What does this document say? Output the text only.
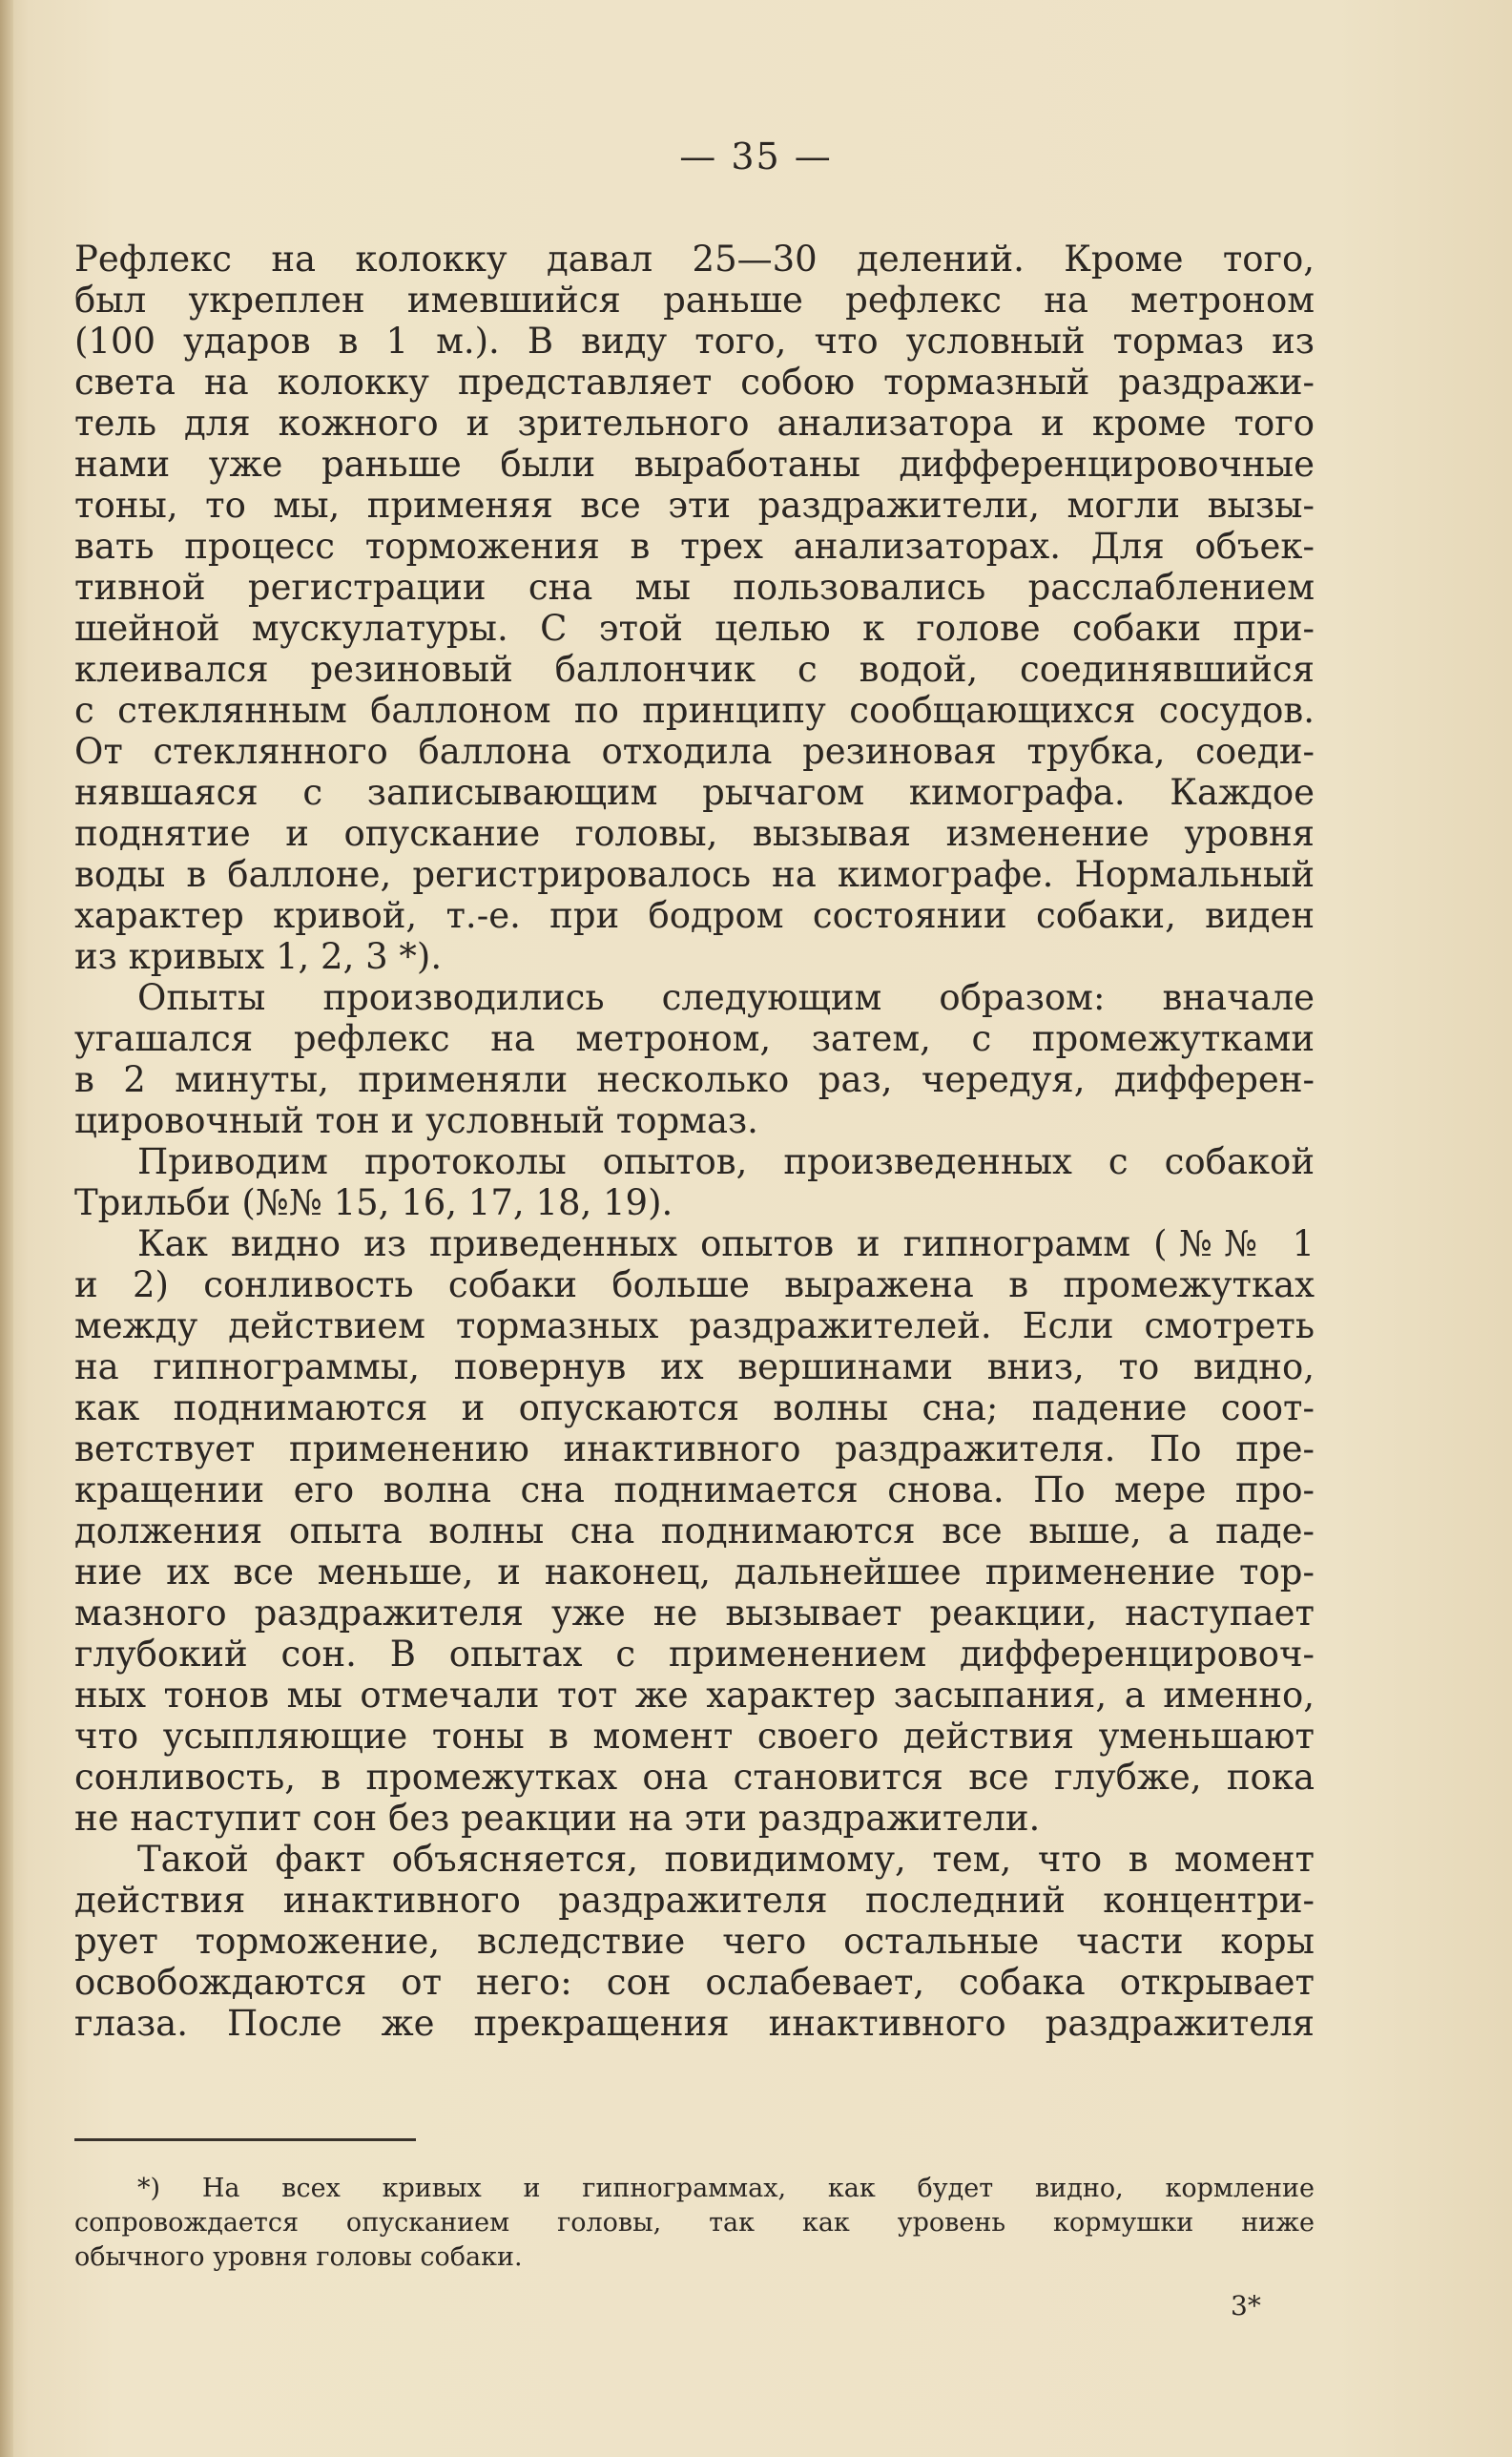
— 35 —
Рефлекс на колокку давал 25—30 делений. Кроме того,
был укреплен имевшийся раньше рефлекс на метроном
(100 ударов в 1 м.). В виду того, что условный тормаз из
света на колокку представляет собою тормазный раздражи-
тель для кожного и зрительного анализатора и кроме того
нами уже раньше были выработаны дифференцировочные
тоны, то мы, применяя все эти раздражители, могли вызы-
вать процесс торможения в трех анализаторах. Для объек-
тивной регистрации сна мы пользовались расслаблением
шейной мускулатуры. С этой целью к голове собаки при-
клеивался резиновый баллончик с водой, соединявшийся
с стеклянным баллоном по принципу сообщающихся сосудов.
От стеклянного баллона отходила резиновая трубка, соеди-
нявшаяся с записывающим рычагом кимографа. Каждое
поднятие и опускание головы, вызывая изменение уровня
воды в баллоне, регистрировалось на кимографе. Нормальный
характер кривой, т.-е. при бодром состоянии собаки, виден
из кривых 1, 2, 3 *).
Опыты производились следующим образом: вначале
угашался рефлекс на метроном, затем, с промежутками
в 2 минуты, применяли несколько раз, чередуя, дифферен-
цировочный тон и условный тормаз.
Приводим протоколы опытов, произведенных с собакой
Трильби (№№ 15, 16, 17, 18, 19).
Как видно из приведенных опытов и гипнограмм (№№ 1
и 2) сонливость собаки больше выражена в промежутках
между действием тормазных раздражителей. Если смотреть
на гипнограммы, повернув их вершинами вниз, то видно,
как поднимаются и опускаются волны сна; падение соот-
ветствует применению инактивного раздражителя. По пре-
кращении его волна сна поднимается снова. По мере про-
должения опыта волны сна поднимаются все выше, а паде-
ние их все меньше, и наконец, дальнейшее применение тор-
мазного раздражителя уже не вызывает реакции, наступает
глубокий сон. В опытах с применением дифференцировоч-
ных тонов мы отмечали тот же характер засыпания, а именно,
что усыпляющие тоны в момент своего действия уменьшают
сонливость, в промежутках она становится все глубже, пока
не наступит сон без реакции на эти раздражители.
Такой факт объясняется, повидимому, тем, что в момент
действия инактивного раздражителя последний концентри-
рует торможение, вследствие чего остальные части коры
освобождаются от него: сон ослабевает, собака открывает
глаза. После же прекращения инактивного раздражителя
*) На всех кривых и гипнограммах, как будет видно, кормление
сопровождается опусканием головы, так как уровень кормушки ниже
обычного уровня головы собаки.
3*
